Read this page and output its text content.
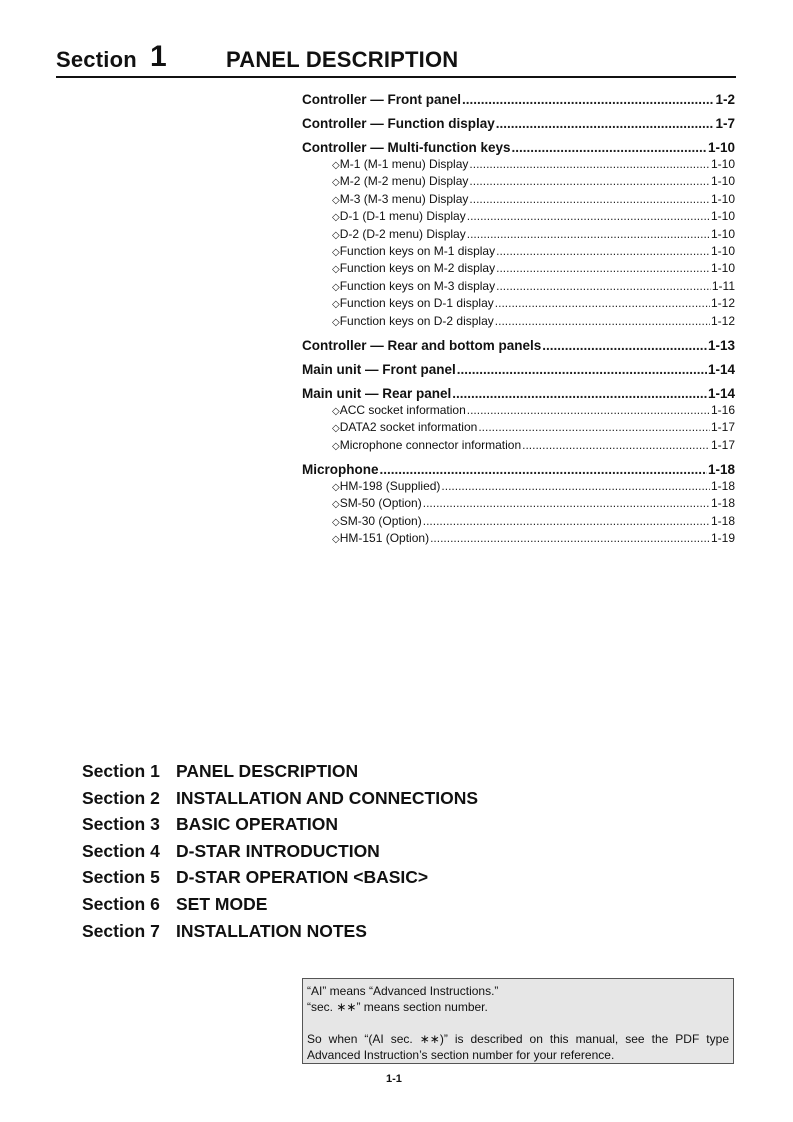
Section 1	PANEL DESCRIPTION
Controller — Front panel .....	1-2
Controller — Function display .....	1-7
Controller — Multi-function keys .....	1-10
◇ M-1 (M-1 menu) Display .....	1-10
◇ M-2 (M-2 menu) Display .....	1-10
◇ M-3 (M-3 menu) Display .....	1-10
◇ D-1 (D-1 menu) Display .....	1-10
◇ D-2 (D-2 menu) Display .....	1-10
◇ Function keys on M-1 display .....	1-10
◇ Function keys on M-2 display .....	1-10
◇ Function keys on M-3 display .....	1-11
◇ Function keys on D-1 display .....	1-12
◇ Function keys on D-2 display .....	1-12
Controller — Rear and bottom panels .....	1-13
Main unit — Front panel .....	1-14
Main unit — Rear panel .....	1-14
◇ ACC socket information .....	1-16
◇ DATA2 socket information .....	1-17
◇ Microphone connector information .....	1-17
Microphone .....	1-18
◇ HM-198 (Supplied) .....	1-18
◇ SM-50 (Option) .....	1-18
◇ SM-30 (Option) .....	1-18
◇ HM-151 (Option) .....	1-19
Section 1 PANEL DESCRIPTION
Section 2 INSTALLATION AND CONNECTIONS
Section 3 BASIC OPERATION
Section 4 D-STAR INTRODUCTION
Section 5 D-STAR OPERATION <BASIC>
Section 6 SET MODE
Section 7 INSTALLATION NOTES
“AI” means “Advanced Instructions.”
“sec. ∗∗” means section number.
So when “(AI sec. ∗∗)” is described on this manual, see the PDF type
Advanced Instruction’s section number for your reference.
1-1
